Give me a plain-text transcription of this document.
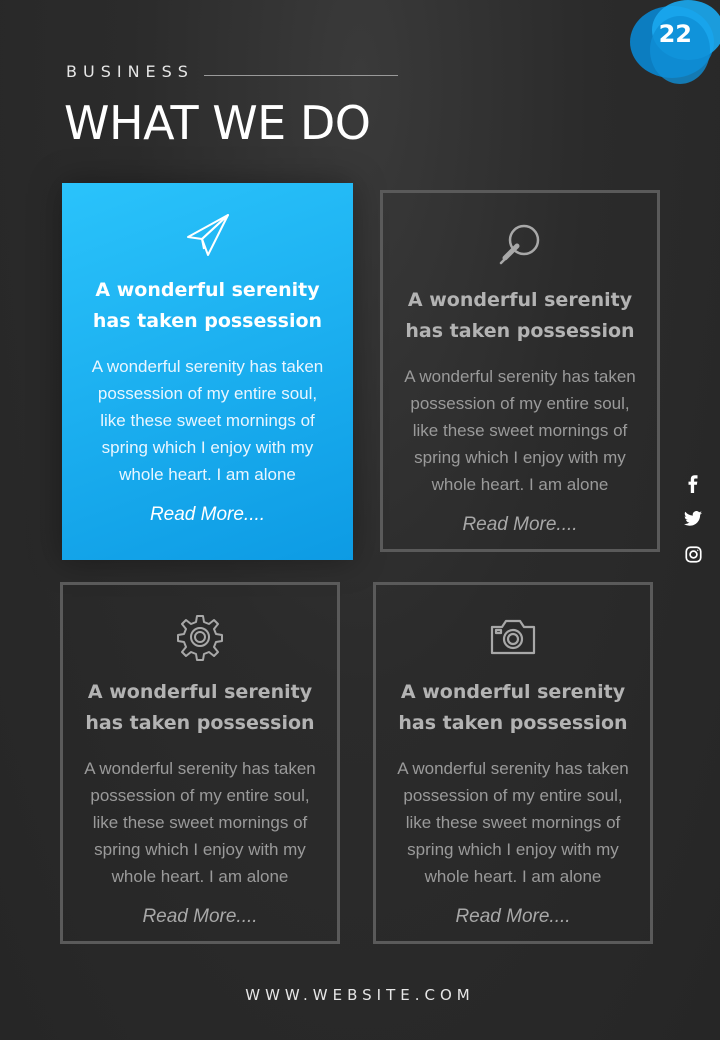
22
BUSINESS
WHAT WE DO
A wonderful serenity
has taken possession
A wonderful serenity has taken
possession of my entire soul,
like these sweet mornings of
spring which I enjoy with my
whole heart. I am alone
Read More....
A wonderful serenity
has taken possession
A wonderful serenity has taken
possession of my entire soul,
like these sweet mornings of
spring which I enjoy with my
whole heart. I am alone
Read More....
A wonderful serenity
has taken possession
A wonderful serenity has taken
possession of my entire soul,
like these sweet mornings of
spring which I enjoy with my
whole heart. I am alone
Read More....
A wonderful serenity
has taken possession
A wonderful serenity has taken
possession of my entire soul,
like these sweet mornings of
spring which I enjoy with my
whole heart. I am alone
Read More....
WWW.WEBSITE.COM
